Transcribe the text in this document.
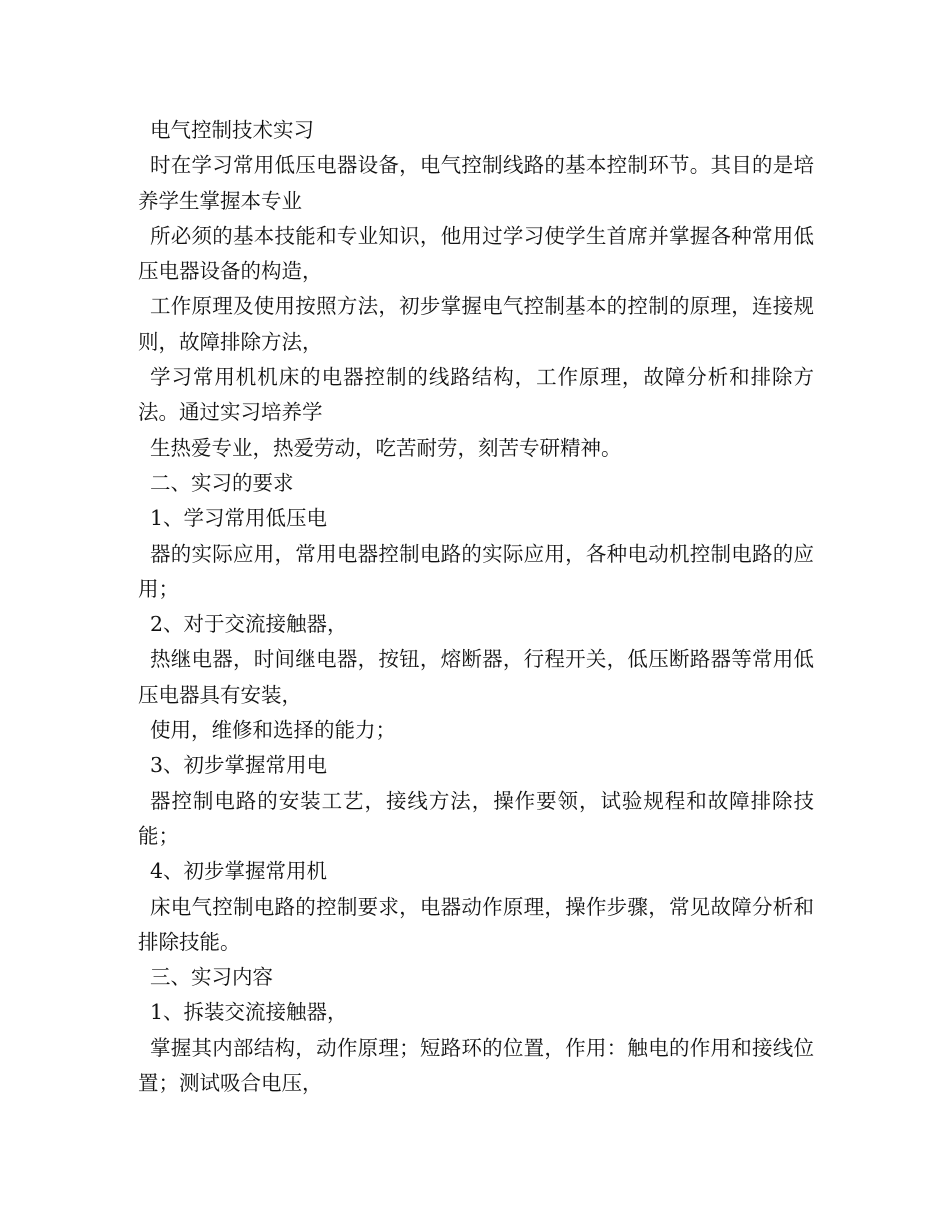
电气控制技术实习

时在学习常用低压电器设备，电气控制线路的基本控制环节。其目的是培养学生掌握本专业

所必须的基本技能和专业知识，他用过学习使学生首席并掌握各种常用低压电器设备的构造，

工作原理及使用按照方法，初步掌握电气控制基本的控制的原理，连接规则，故障排除方法，

学习常用机机床的电器控制的线路结构，工作原理，故障分析和排除方法。通过实习培养学

生热爱专业，热爱劳动，吃苦耐劳，刻苦专研精神。

二、实习的要求

1、学习常用低压电

器的实际应用，常用电器控制电路的实际应用，各种电动机控制电路的应用；

2、对于交流接触器，

热继电器，时间继电器，按钮，熔断器，行程开关，低压断路器等常用低压电器具有安装，

使用，维修和选择的能力；

3、初步掌握常用电

器控制电路的安装工艺，接线方法，操作要领，试验规程和故障排除技能；

4、初步掌握常用机

床电气控制电路的控制要求，电器动作原理，操作步骤，常见故障分析和排除技能。

三、实习内容

1、拆装交流接触器，

掌握其内部结构，动作原理；短路环的位置，作用：触电的作用和接线位置；测试吸合电压，
